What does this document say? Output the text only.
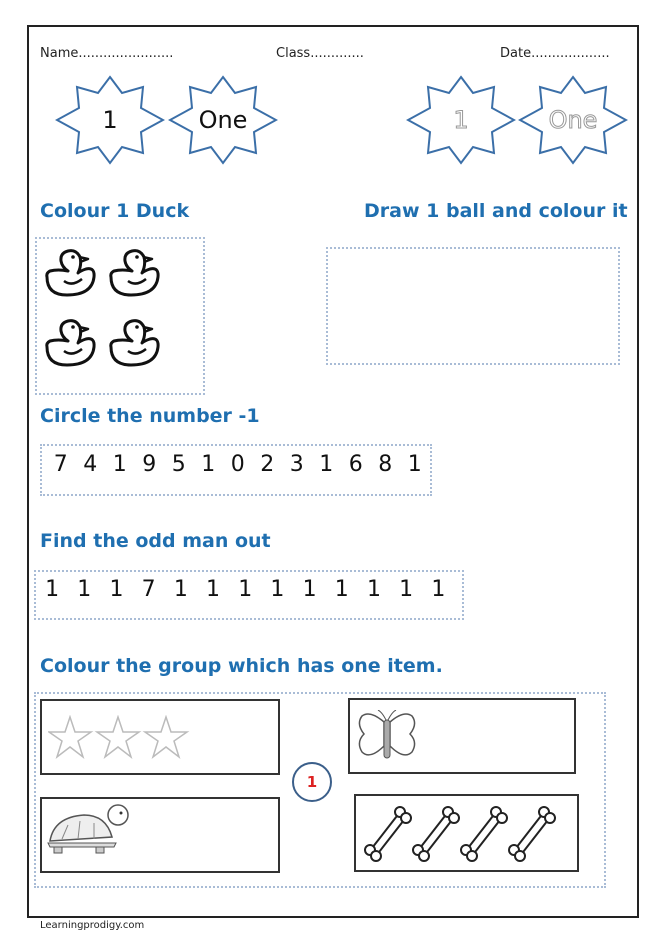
Name.......................	Class.............	Date...................
1	One	1	One
Colour 1 Duck	Draw 1 ball and colour it
Circle the number -1
7 4 1 9 5 1 0 2 3 1 6 8 1
Find the odd man out
1 1 1 7 1 1 1 1 1 1 1 1 1
Colour the group which has one item.
1
Learningprodigy.com
